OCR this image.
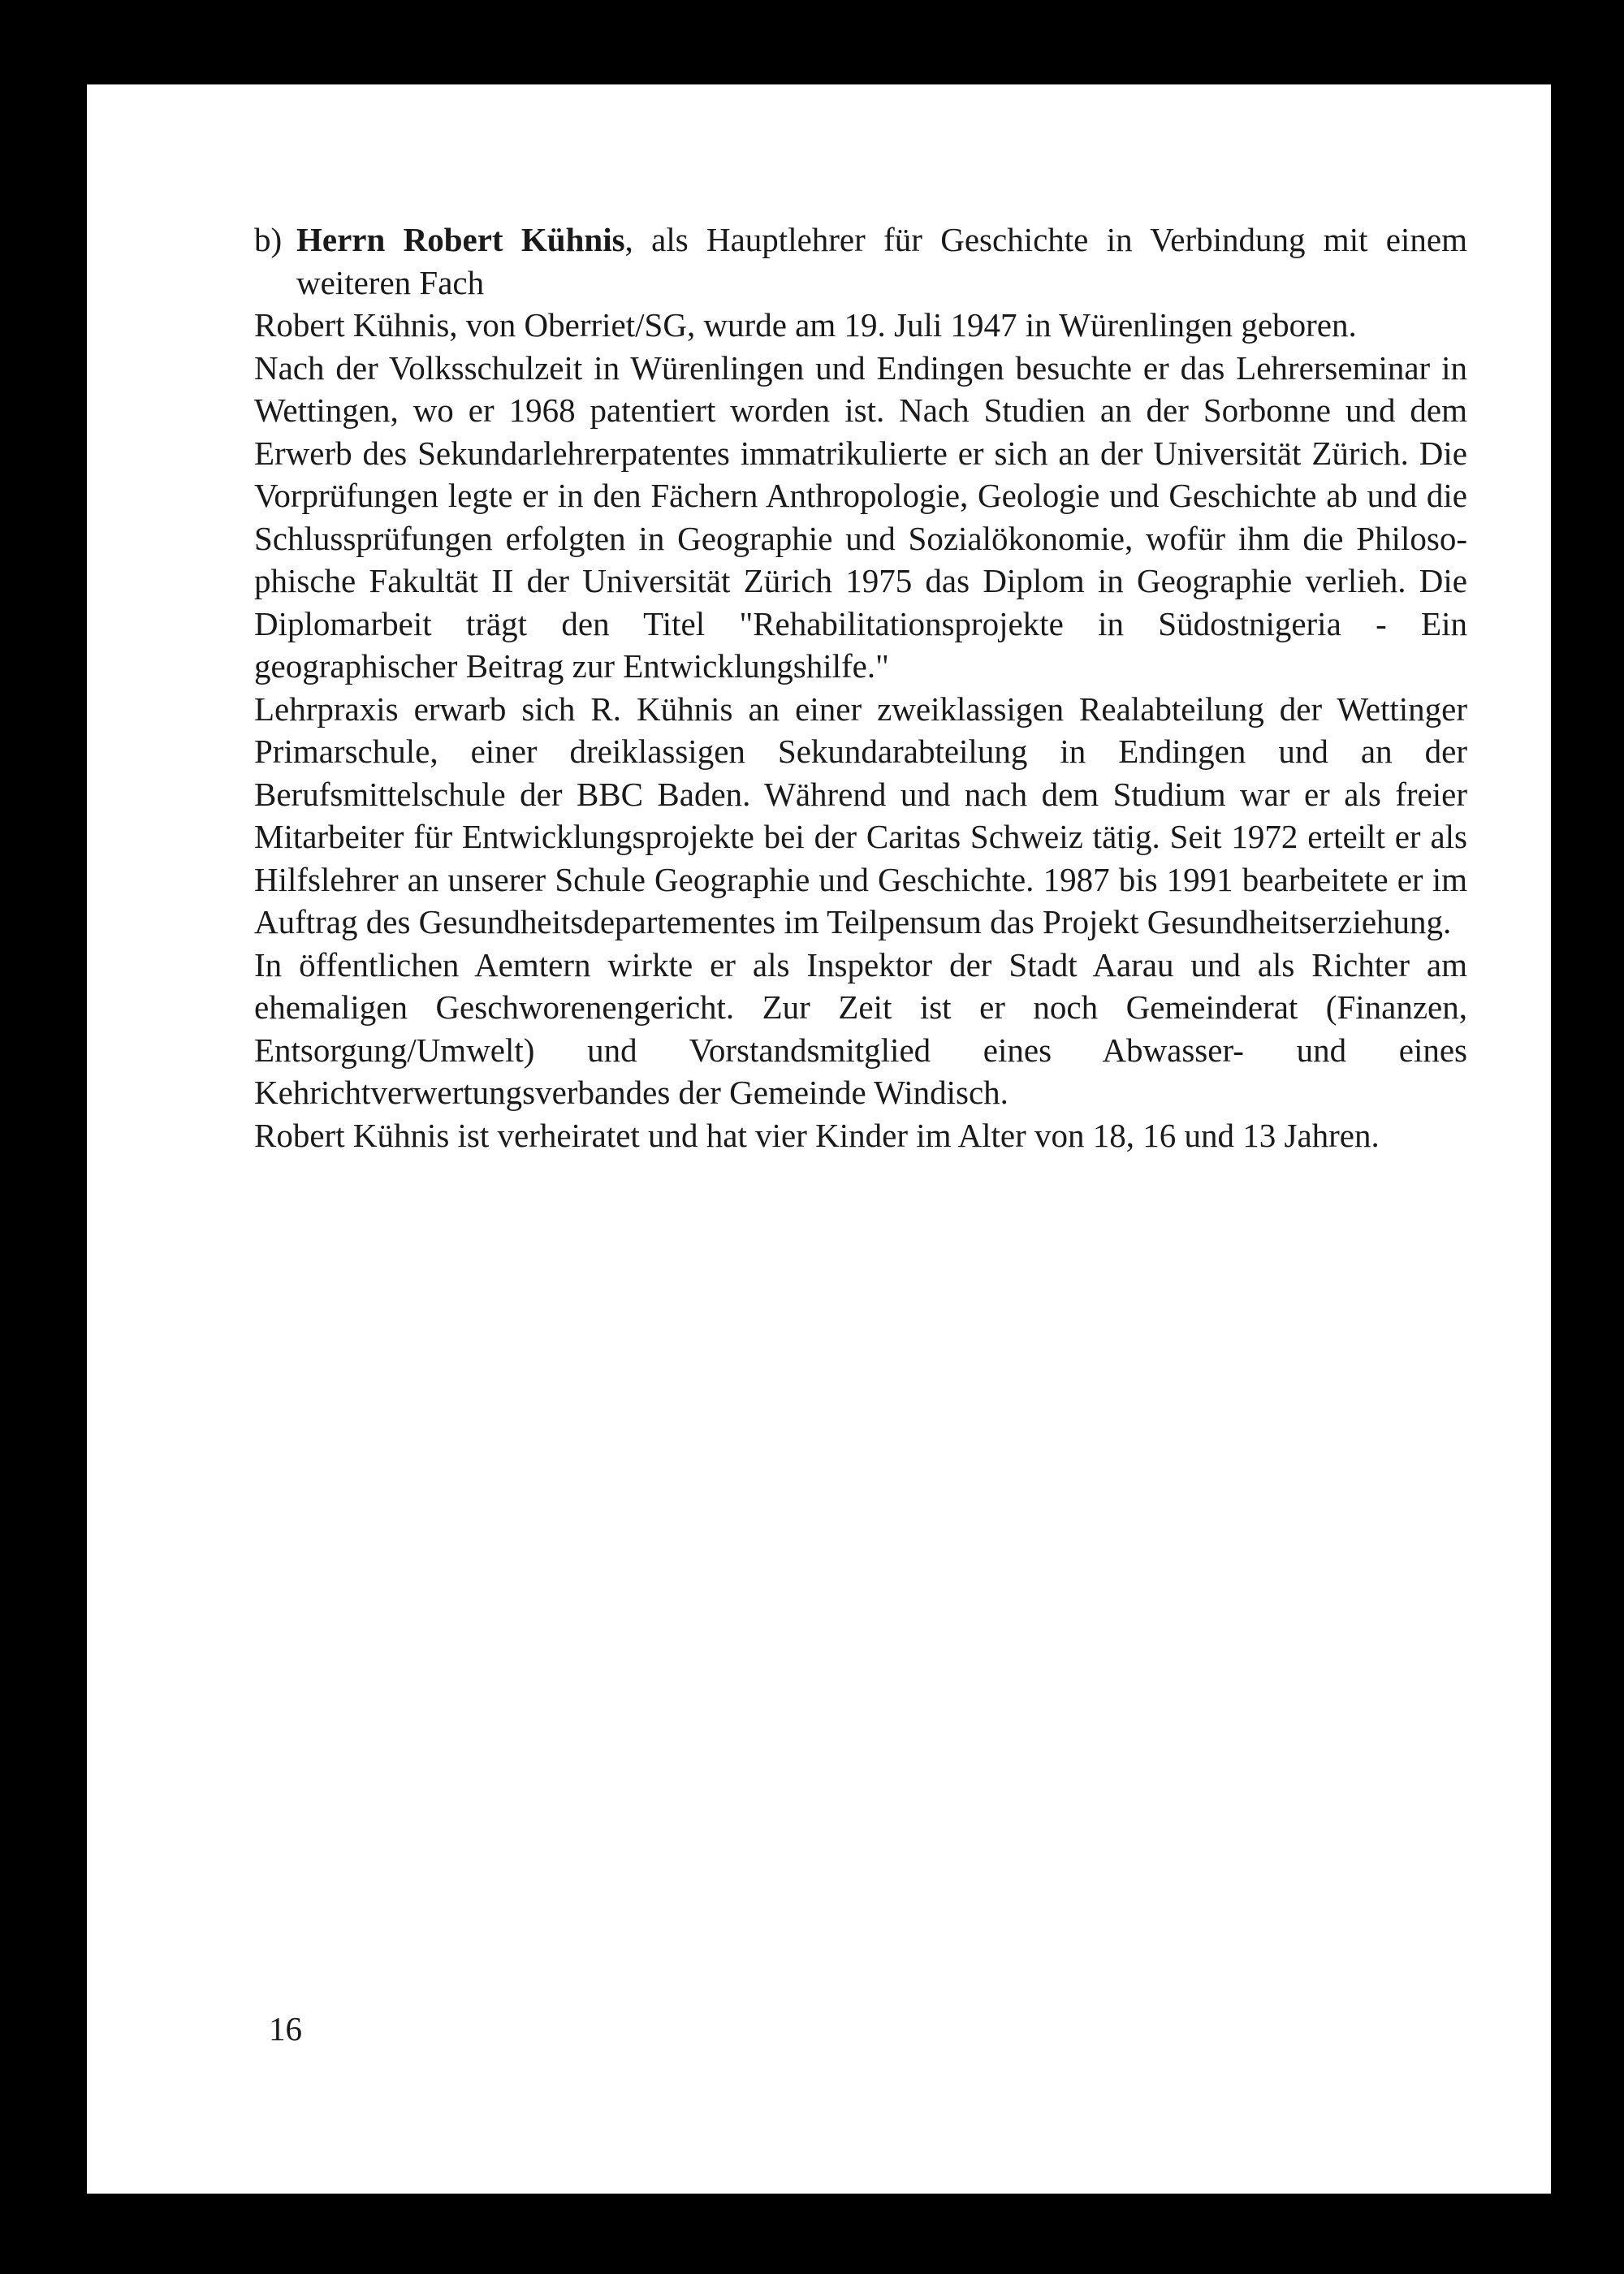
b) Herrn Robert Kühnis, als Hauptlehrer für Geschichte in Verbindung mit einem weiteren Fach

Robert Kühnis, von Oberriet/SG, wurde am 19. Juli 1947 in Würenlingen geboren.

Nach der Volksschulzeit in Würenlingen und Endingen besuchte er das Lehrerseminar in Wettingen, wo er 1968 patentiert worden ist. Nach Studien an der Sorbonne und dem Erwerb des Sekundarlehrerpatentes immatrikulierte er sich an der Universität Zürich. Die Vorprüfungen legte er in den Fächern Anthropologie, Geologie und Geschichte ab und die Schlussprüfungen erfolgten in Geographie und Sozialökonomie, wofür ihm die Philosophische Fakultät II der Universität Zürich 1975 das Diplom in Geographie verlieh. Die Diplomarbeit trägt den Titel "Rehabilitationsprojekte in Südostnigeria - Ein geographischer Beitrag zur Entwicklungshilfe."

Lehrpraxis erwarb sich R. Kühnis an einer zweiklassigen Realabteilung der Wettinger Primarschule, einer dreiklassigen Sekundarabteilung in Endingen und an der Berufsmittelschule der BBC Baden. Während und nach dem Studium war er als freier Mitarbeiter für Entwicklungsprojekte bei der Caritas Schweiz tätig. Seit 1972 erteilt er als Hilfslehrer an unserer Schule Geographie und Geschichte. 1987 bis 1991 bearbeitete er im Auftrag des Gesundheitsdepartementes im Teilpensum das Projekt Gesundheitserziehung.

In öffentlichen Aemtern wirkte er als Inspektor der Stadt Aarau und als Richter am ehemaligen Geschworenengericht. Zur Zeit ist er noch Gemeinderat (Finanzen, Entsorgung/Umwelt) und Vorstandsmitglied eines Abwasser- und eines Kehrichtverwertungsverbandes der Gemeinde Windisch.

Robert Kühnis ist verheiratet und hat vier Kinder im Alter von 18, 16 und 13 Jahren.

16
